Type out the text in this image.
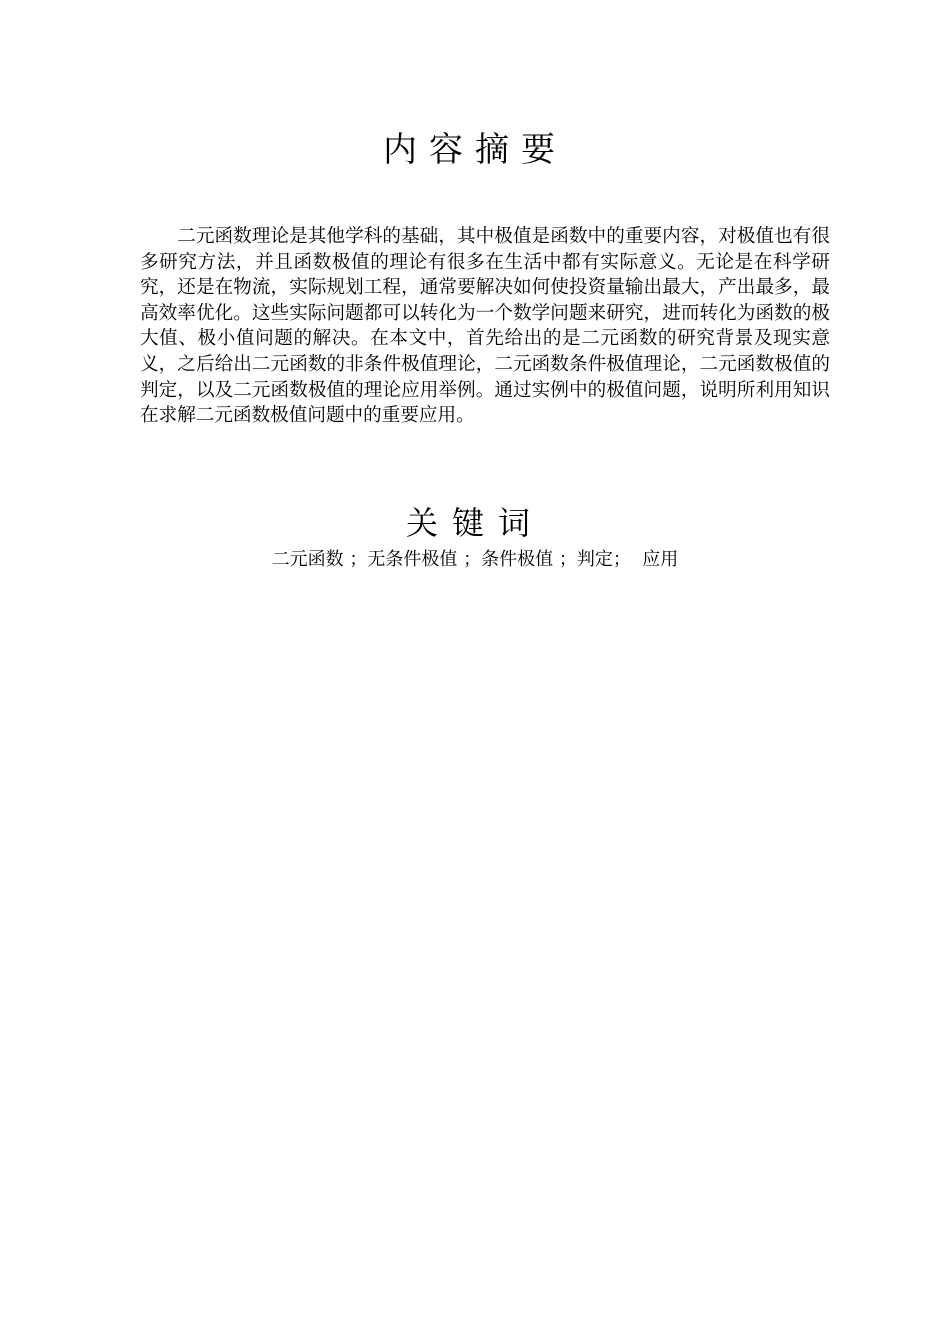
内容摘要

二元函数理论是其他学科的基础，其中极值是函数中的重要内容，对极值也有很多研究方法，并且函数极值的理论有很多在生活中都有实际意义。无论是在科学研究，还是在物流，实际规划工程，通常要解决如何使投资量输出最大，产出最多，最高效率优化。这些实际问题都可以转化为一个数学问题来研究，进而转化为函数的极大值、极小值问题的解决。在本文中，首先给出的是二元函数的研究背景及现实意义，之后给出二元函数的非条件极值理论，二元函数条件极值理论，二元函数极值的判定，以及二元函数极值的理论应用举例。通过实例中的极值问题，说明所利用知识在求解二元函数极值问题中的重要应用。

关键词

二元函数 ；无条件极值 ；条件极值 ；判定；  应用
